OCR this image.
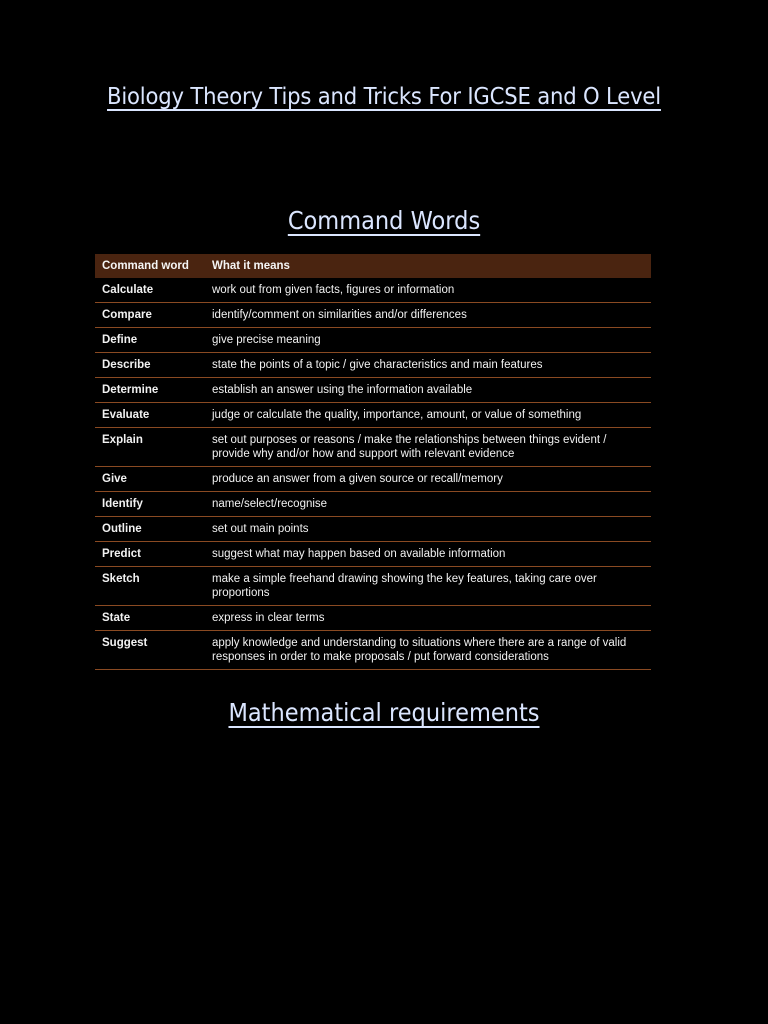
Biology Theory Tips and Tricks For IGCSE and O Level
Command Words
Command word	What it means
Calculate	work out from given facts, figures or information
Compare	identify/comment on similarities and/or differences
Define	give precise meaning
Describe	state the points of a topic / give characteristics and main features
Determine	establish an answer using the information available
Evaluate	judge or calculate the quality, importance, amount, or value of something
Explain	set out purposes or reasons / make the relationships between things evident / provide why and/or how and support with relevant evidence
Give	produce an answer from a given source or recall/memory
Identify	name/select/recognise
Outline	set out main points
Predict	suggest what may happen based on available information
Sketch	make a simple freehand drawing showing the key features, taking care over proportions
State	express in clear terms
Suggest	apply knowledge and understanding to situations where there are a range of valid responses in order to make proposals / put forward considerations
Mathematical requirements
